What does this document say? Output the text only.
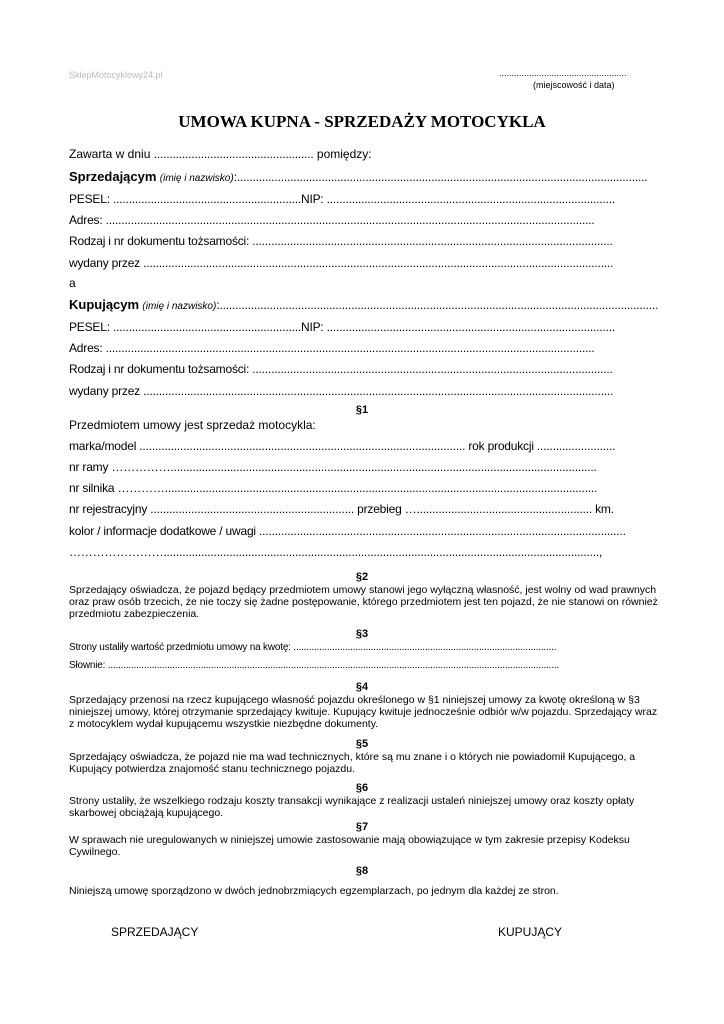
SklepMotocyklowy24.pl	...................................................
(miejscowość i data)
UMOWA KUPNA - SPRZEDAŻY MOTOCYKLA
Zawarta w dniu ................................................... pomiędzy:
Sprzedającym (imię i nazwisko):...................................................................................................................................
PESEL: ............................................................NIP: ............................................................................................
Adres: ............................................................................................................................................................
Rodzaj i nr dokumentu tożsamości: ...................................................................................................................
wydany przez ......................................................................................................................................................
a
Kupującym (imię i nazwisko):............................................................................................................................................
PESEL: ............................................................NIP: ............................................................................................
Adres: ............................................................................................................................................................
Rodzaj i nr dokumentu tożsamości: ...................................................................................................................
wydany przez ......................................................................................................................................................
§1
Przedmiotem umowy jest sprzedaż motocykla:
marka/model ........................................................................................................ rok produkcji .........................
nr ramy ……………........................................................................................................................................
nr silnika …………..........................................................................................................................................
nr rejestracyjny ................................................................. przebieg …........................................................ km.
kolor / informacje dodatkowe / uwagi .....................................................................................................................
……………………...........................................................................................................................................,
§2
Sprzedający oświadcza, że pojazd będący przedmiotem umowy stanowi jego wyłączną własność, jest wolny od wad prawnych oraz praw osób trzecich, że nie toczy się żadne postępowanie, którego przedmiotem jest ten pojazd, że nie stanowi on również przedmiotu zabezpieczenia.
§3
Strony ustaliły wartość przedmiotu umowy na kwotę: ......................................................................................................
Słownie: ...............................................................................................................................................................................
§4
Sprzedający przenosi na rzecz kupującego własność pojazdu określonego w §1 niniejszej umowy za kwotę określoną w §3 niniejszej umowy, której otrzymanie sprzedający kwituje. Kupujący kwituje jednocześnie odbiór w/w pojazdu. Sprzedający wraz z motocyklem wydał kupującemu wszystkie niezbędne dokumenty.
§5
Sprzedający oświadcza, że pojazd nie ma wad technicznych, które są mu znane i o których nie powiadomił Kupującego, a Kupujący potwierdza znajomość stanu technicznego pojazdu.
§6
Strony ustaliły, że wszelkiego rodzaju koszty transakcji wynikające z realizacji ustaleń niniejszej umowy oraz koszty opłaty skarbowej obciążają kupującego.
§7
W sprawach nie uregulowanych w niniejszej umowie zastosowanie mają obowiązujące w tym zakresie przepisy Kodeksu Cywilnego.
§8
Niniejszą umowę sporządzono w dwóch jednobrzmiących egzemplarzach, po jednym dla każdej ze stron.
SPRZEDAJĄCY	KUPUJĄCY
